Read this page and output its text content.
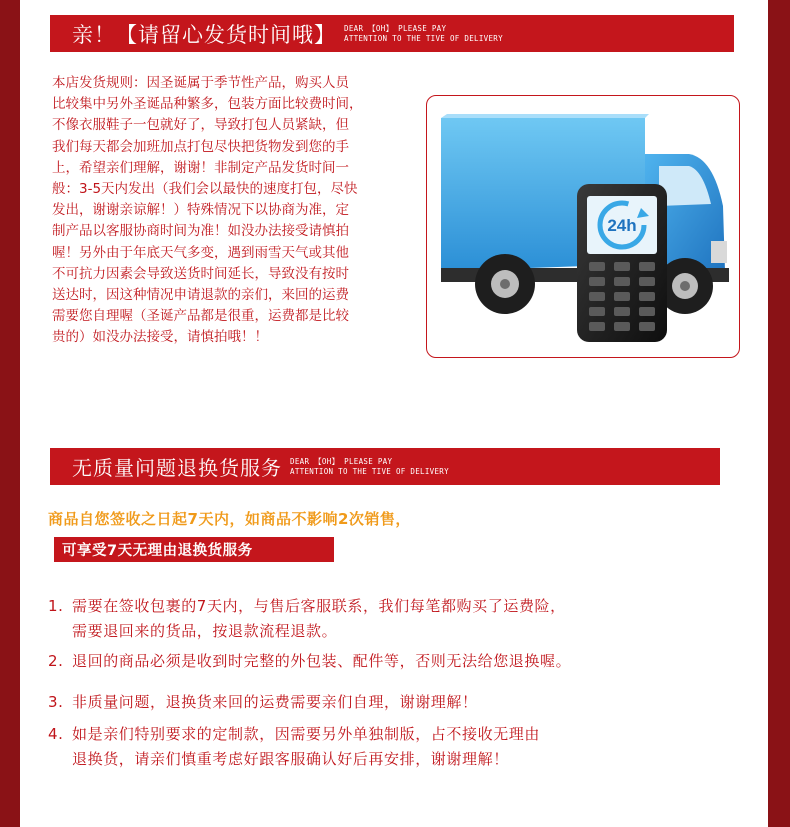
亲！【请留心发货时间哦】 DEAR 【OH】 PLEASE PAY
ATTENTION TO THE TIVE OF DELIVERY
本店发货规则：因圣诞属于季节性产品，购买人员
比较集中另外圣诞品种繁多，包装方面比较费时间，
不像衣服鞋子一包就好了，导致打包人员紧缺，但
我们每天都会加班加点打包尽快把货物发到您的手
上，希望亲们理解，谢谢！非制定产品发货时间一
般：3-5天内发出（我们会以最快的速度打包，尽快
发出，谢谢亲谅解！）特殊情况下以协商为准，定
制产品以客服协商时间为准！如没办法接受请慎拍
喔！另外由于年底天气多变，遇到雨雪天气或其他
不可抗力因素会导致送货时间延长，导致没有按时
送达时，因这种情况申请退款的亲们，来回的运费
需要您自理喔（圣诞产品都是很重，运费都是比较
贵的）如没办法接受，请慎拍哦！！
24h
无质量问题退换货服务 DEAR 【OH】 PLEASE PAY
ATTENTION TO THE TIVE OF DELIVERY
商品自您签收之日起7天内，如商品不影响2次销售，
可享受7天无理由退换货服务
1. 需要在签收包裹的7天内，与售后客服联系，我们每笔都购买了运费险，
需要退回来的货品，按退款流程退款。
2. 退回的商品必须是收到时完整的外包装、配件等，否则无法给您退换喔。
3. 非质量问题，退换货来回的运费需要亲们自理，谢谢理解！
4. 如是亲们特别要求的定制款，因需要另外单独制版，占不接收无理由
退换货，请亲们慎重考虑好跟客服确认好后再安排，谢谢理解！
